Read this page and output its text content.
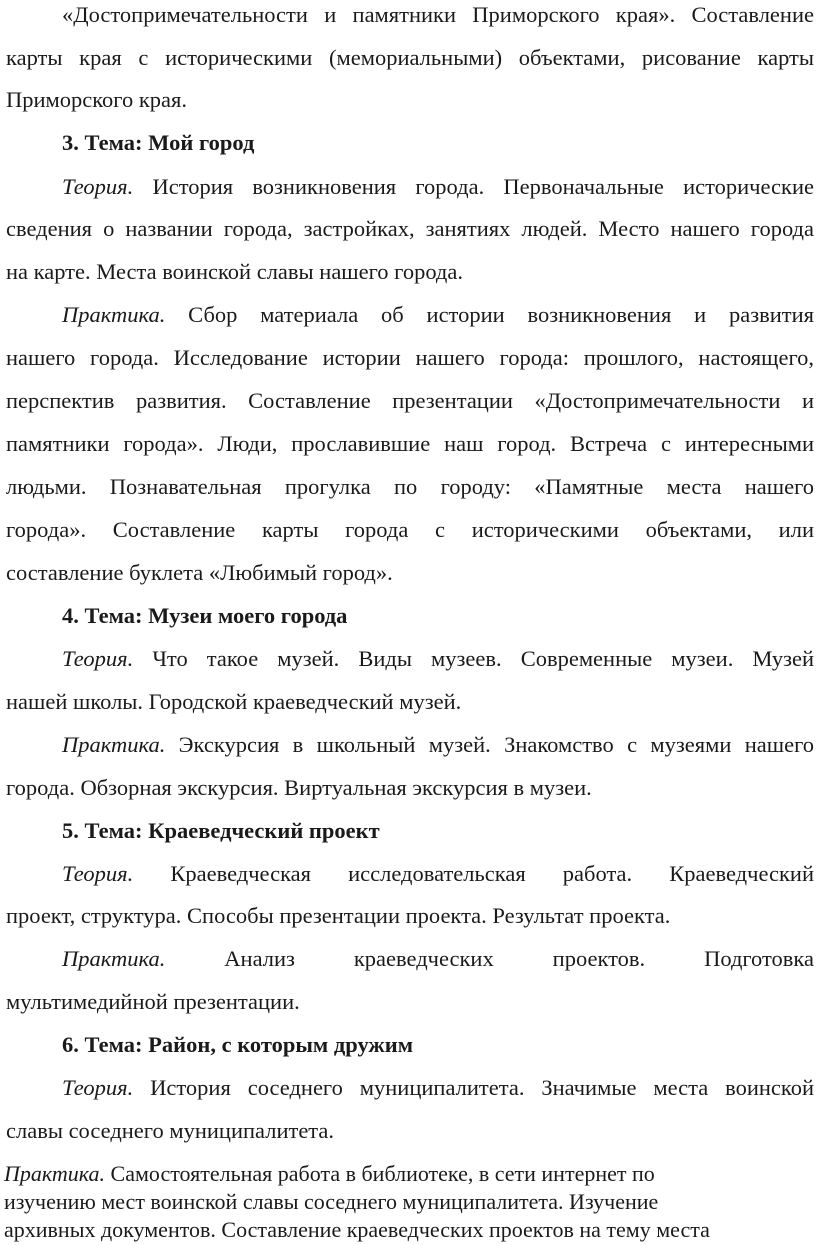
«Достопримечательности и памятники Приморского края». Составление
карты края с историческими (мемориальными) объектами, рисование карты
Приморского края.
3. Тема: Мой город
Теория. История возникновения города. Первоначальные исторические
сведения о названии города, застройках, занятиях людей. Место нашего города
на карте. Места воинской славы нашего города.
Практика. Сбор материала об истории возникновения и развития
нашего города. Исследование истории нашего города: прошлого, настоящего,
перспектив развития. Составление презентации «Достопримечательности и
памятники города». Люди, прославившие наш город. Встреча с интересными
людьми. Познавательная прогулка по городу: «Памятные места нашего
города». Составление карты города с историческими объектами, или
составление буклета «Любимый город».
4. Тема: Музеи моего города
Теория. Что такое музей. Виды музеев. Современные музеи. Музей
нашей школы. Городской краеведческий музей.
Практика. Экскурсия в школьный музей. Знакомство с музеями нашего
города. Обзорная экскурсия. Виртуальная экскурсия в музеи.
5. Тема: Краеведческий проект
Теория. Краеведческая исследовательская работа. Краеведческий
проект, структура. Способы презентации проекта. Результат проекта.
Практика.	Анализ краеведческих проектов. Подготовка
мультимедийной презентации.
6. Тема: Район, с которым дружим
Теория. История соседнего муниципалитета. Значимые места воинской
славы соседнего муниципалитета.
Практика. Самостоятельная работа в библиотеке, в сети интернет по
изучению мест воинской славы соседнего муниципалитета. Изучение
архивных документов. Составление краеведческих проектов на тему места
